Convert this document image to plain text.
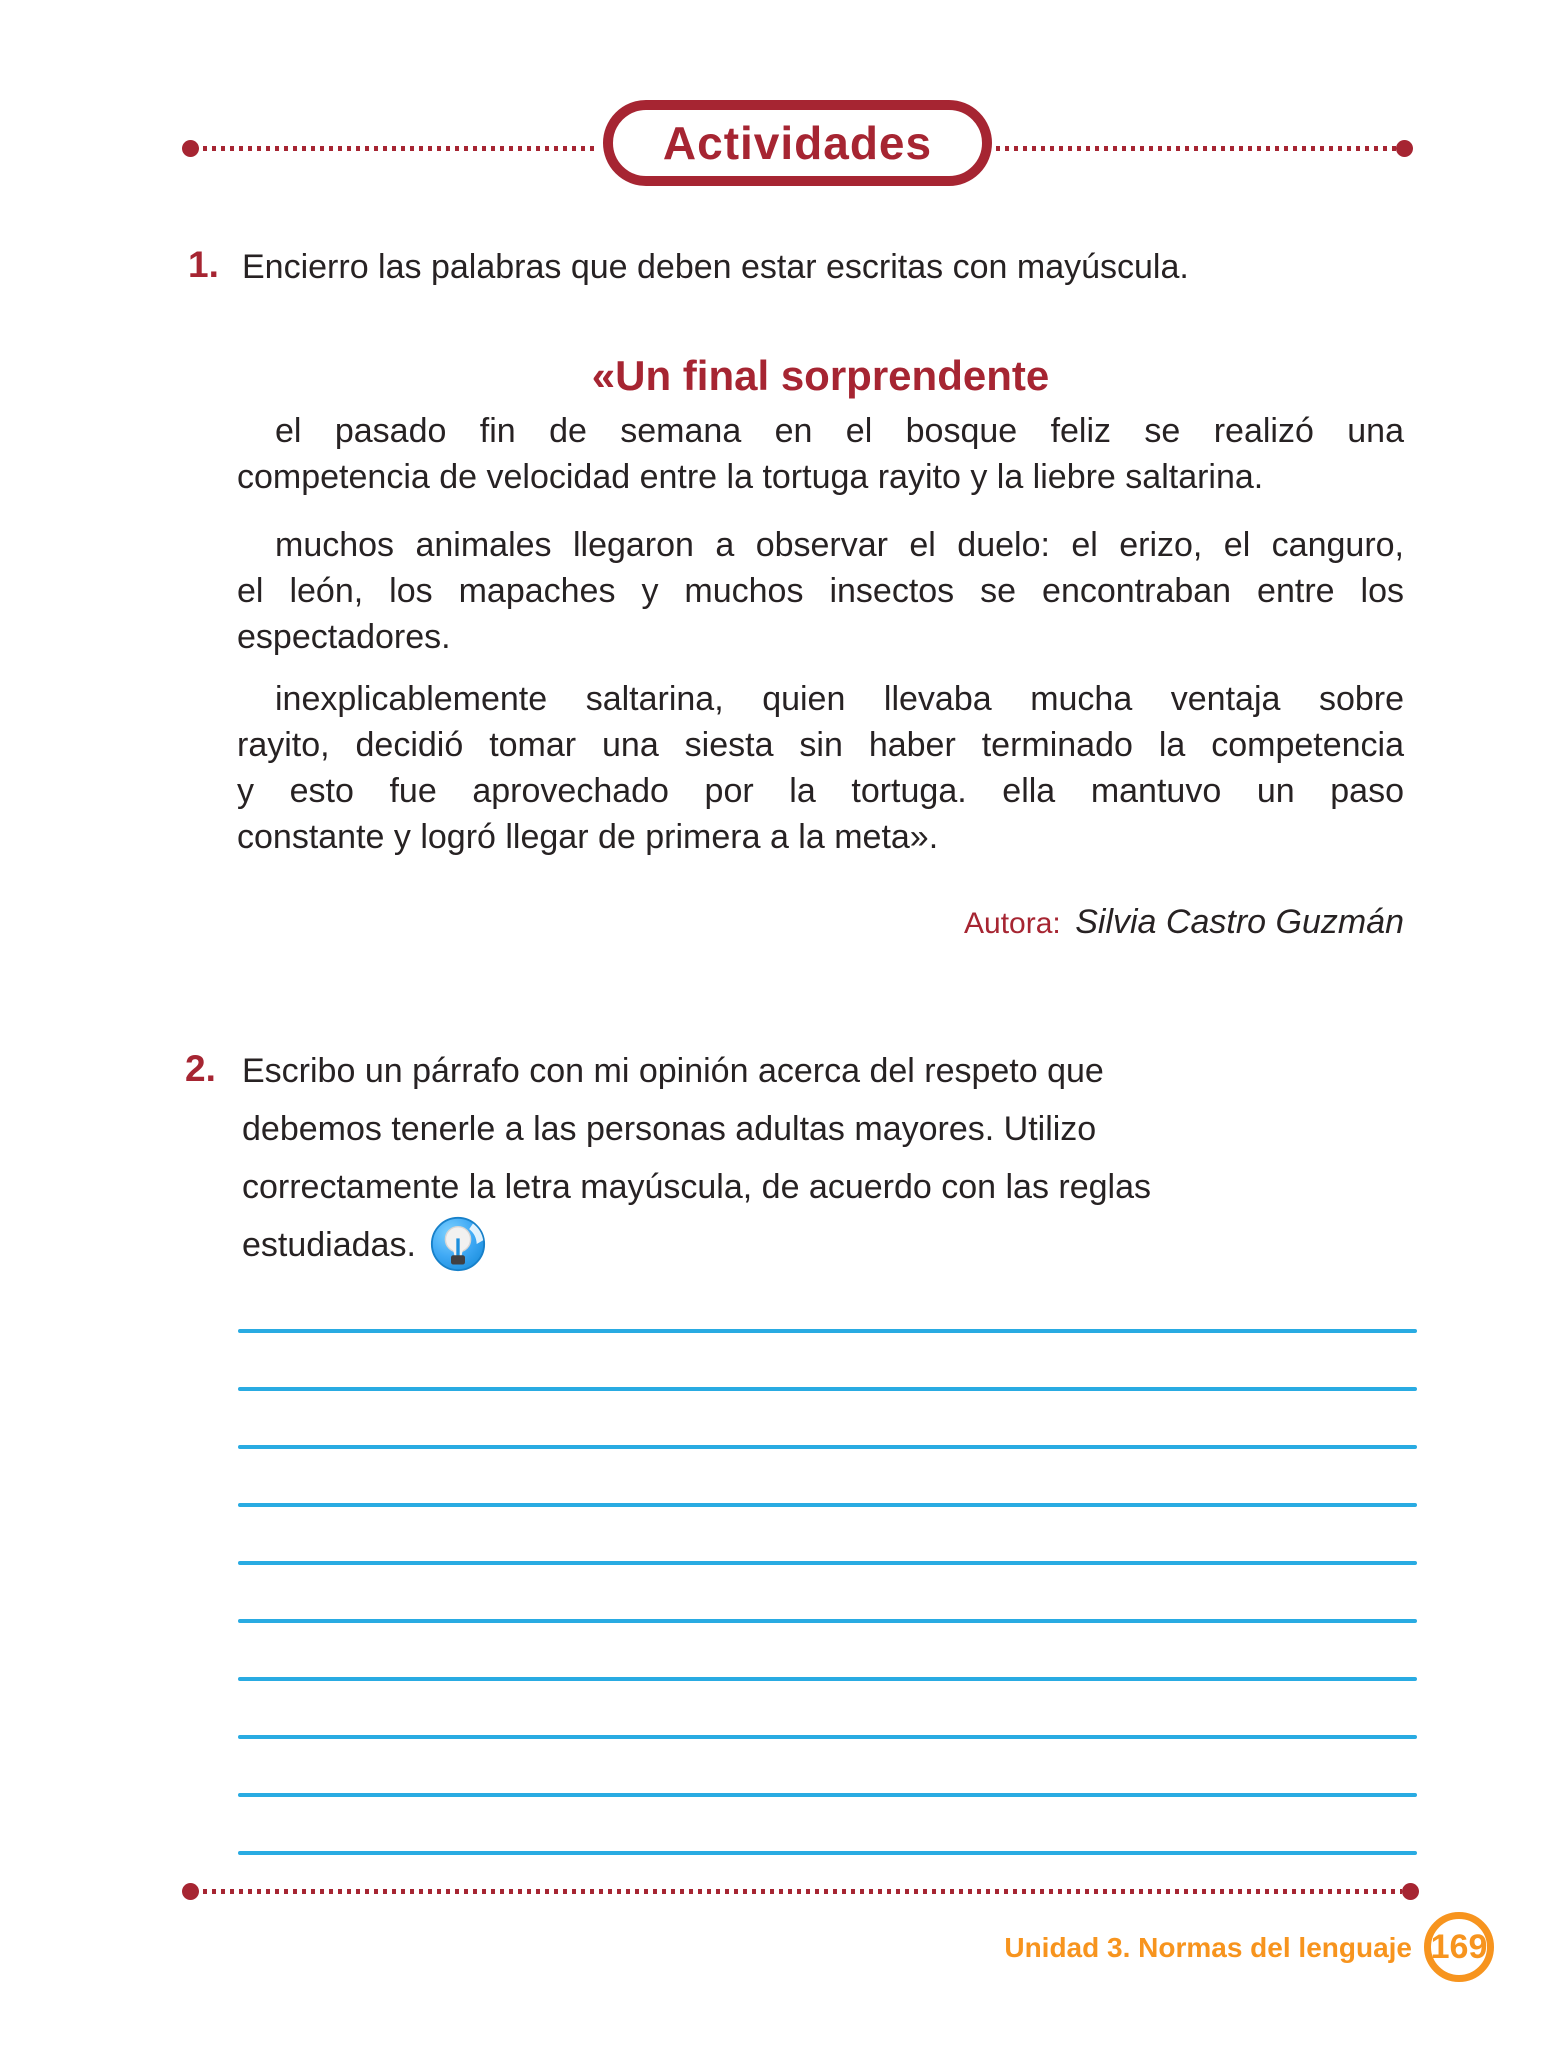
Actividades
1. Encierro las palabras que deben estar escritas con mayúscula.
«Un final sorprendente
el pasado fin de semana en el bosque feliz se realizó una
competencia de velocidad entre la tortuga rayito y la liebre saltarina.
muchos animales llegaron a observar el duelo: el erizo, el canguro,
el león, los mapaches y muchos insectos se encontraban entre los
espectadores.
inexplicablemente saltarina, quien llevaba mucha ventaja sobre
rayito, decidió tomar una siesta sin haber terminado la competencia
y esto fue aprovechado por la tortuga. ella mantuvo un paso
constante y logró llegar de primera a la meta».
Autora: Silvia Castro Guzmán
2. Escribo un párrafo con mi opinión acerca del respeto que
debemos tenerle a las personas adultas mayores. Utilizo
correctamente la letra mayúscula, de acuerdo con las reglas
estudiadas.
Unidad 3. Normas del lenguaje 169
